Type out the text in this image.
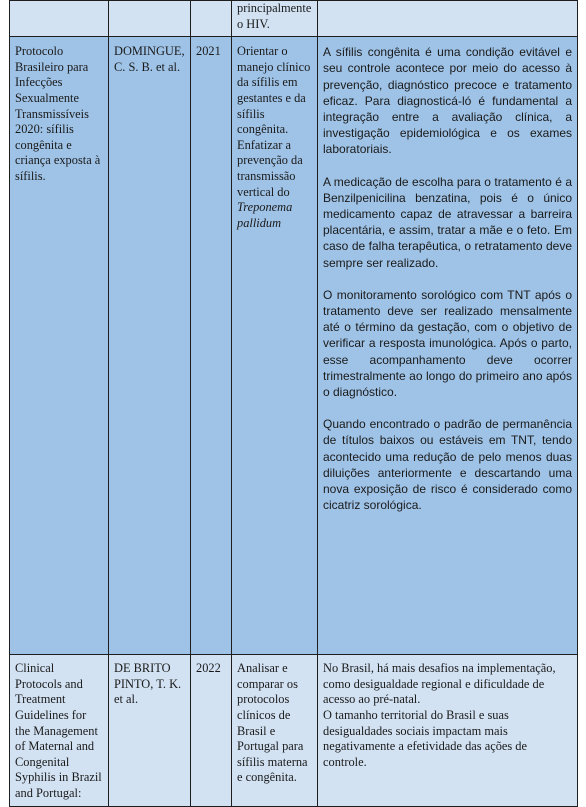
			principalmente o HIV.	
Protocolo Brasileiro para Infecções Sexualmente Transmissíveis 2020: sífilis congênita e criança exposta à sífilis.	DOMINGUE, C. S. B. et al.	2021	Orientar o manejo clínico da sífilis em gestantes e da sífilis congênita. Enfatizar a prevenção da transmissão vertical do Treponema pallidum	A sífilis congênita é uma condição evitável e seu controle acontece por meio do acesso à prevenção, diagnóstico precoce e tratamento eficaz. Para diagnosticá-ló é fundamental a integração entre a avaliação clínica, a investigação epidemiológica e os exames laboratoriais.

A medicação de escolha para o tratamento é a Benzilpenicilina benzatina, pois é o único medicamento capaz de atravessar a barreira placentária, e assim, tratar a mãe e o feto. Em caso de falha terapêutica, o retratamento deve sempre ser realizado.

O monitoramento sorológico com TNT após o tratamento deve ser realizado mensalmente até o término da gestação, com o objetivo de verificar a resposta imunológica. Após o parto, esse acompanhamento deve ocorrer trimestralmente ao longo do primeiro ano após o diagnóstico.

Quando encontrado o padrão de permanência de títulos baixos ou estáveis em TNT, tendo acontecido uma redução de pelo menos duas diluições anteriormente e descartando uma nova exposição de risco é considerado como cicatriz sorológica.

Clinical Protocols and Treatment Guidelines for the Management of Maternal and Congenital Syphilis in Brazil and Portugal:	DE BRITO PINTO, T. K. et al.	2022	Analisar e comparar os protocolos clínicos de Brasil e Portugal para sífilis materna e congênita.	No Brasil, há mais desafios na implementação, como desigualdade regional e dificuldade de acesso ao pré-natal.

O tamanho territorial do Brasil e suas desigualdades sociais impactam mais negativamente a efetividade das ações de controle.
